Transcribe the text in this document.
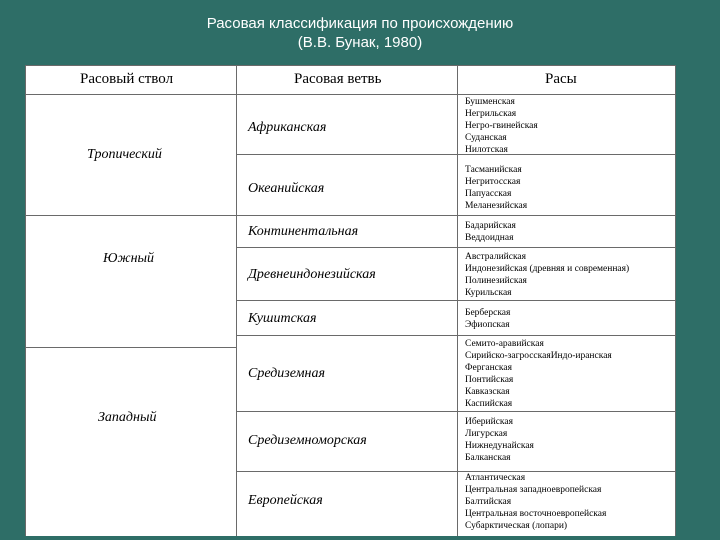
Расовая классификация по происхождению
(В.В. Бунак, 1980)
Расовый ствол	Расовая ветвь	Расы
Тропический
Южный
Западный
Африканская
Океанийская
Континентальная
Древнеиндонезийская
Кушитская
Средиземная
Средиземноморская
Европейская
Бушменская
Негрильская
Негро-гвинейская
Суданская
Нилотская
Тасманийская
Негритосская
Папуасская
Меланезийская
Бадарийская
Веддоидная
Австралийская
Индонезийская (древняя и современная)
Полинезийская
Курильская
Берберская
Эфиопская
Семито-аравийская
Сирийско-загросскаяИндо-иранская
Ферганская
Понтийская
Кавказская
Каспийская
Иберийская
Лигурская
Нижнедунайская
Балканская
Атлантическая
Центральная западноевропейская
Балтийская
Центральная восточноевропейская
Субарктическая (лопари)
